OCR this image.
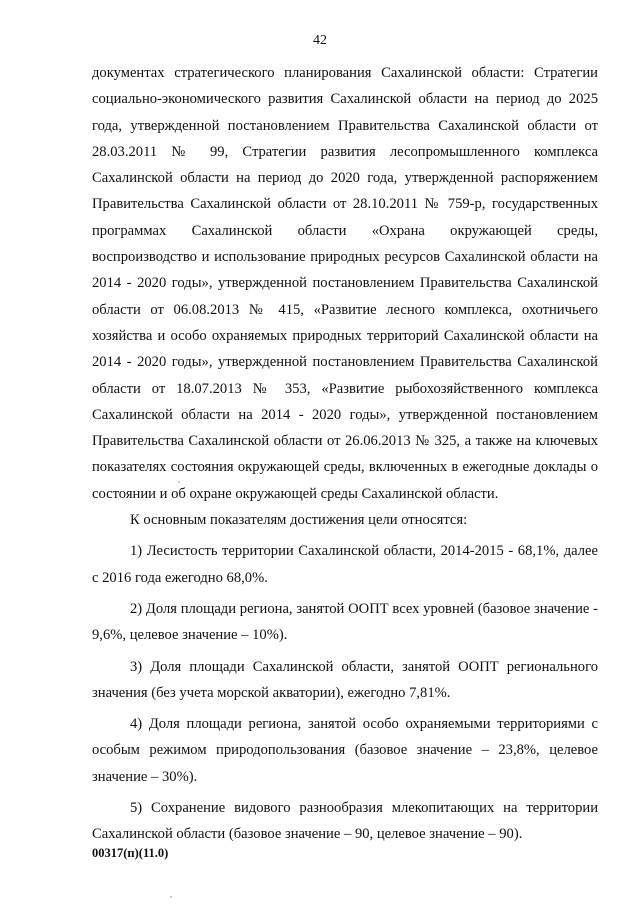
42

документах стратегического планирования Сахалинской области: Стратегии социально-экономического развития Сахалинской области на период до 2025 года, утвержденной постановлением Правительства Сахалинской области от 28.03.2011 № 99, Стратегии развития лесопромышленного комплекса Сахалинской области на период до 2020 года, утвержденной распоряжением Правительства Сахалинской области от 28.10.2011 № 759-р, государственных программах Сахалинской области «Охрана окружающей среды, воспроизводство и использование природных ресурсов Сахалинской области на 2014 - 2020 годы», утвержденной постановлением Правительства Сахалинской области от 06.08.2013 № 415, «Развитие лесного комплекса, охотничьего хозяйства и особо охраняемых природных территорий Сахалинской области на 2014 - 2020 годы», утвержденной постановлением Правительства Сахалинской области от 18.07.2013 № 353, «Развитие рыбохозяйственного комплекса Сахалинской области на 2014 - 2020 годы», утвержденной постановлением Правительства Сахалинской области от 26.06.2013 № 325, а также на ключевых показателях состояния окружающей среды, включенных в ежегодные доклады о состоянии и об охране окружающей среды Сахалинской области.

К основным показателям достижения цели относятся:

1) Лесистость территории Сахалинской области, 2014-2015 - 68,1%, далее с 2016 года ежегодно 68,0%.

2) Доля площади региона, занятой ООПТ всех уровней (базовое значение - 9,6%, целевое значение – 10%).

3) Доля площади Сахалинской области, занятой ООПТ регионального значения (без учета морской акватории), ежегодно 7,81%.

4) Доля площади региона, занятой особо охраняемыми территориями с особым режимом природопользования (базовое значение – 23,8%, целевое значение – 30%).

5) Сохранение видового разнообразия млекопитающих на территории Сахалинской области (базовое значение – 90, целевое значение – 90).

00317(п)(11.0)
